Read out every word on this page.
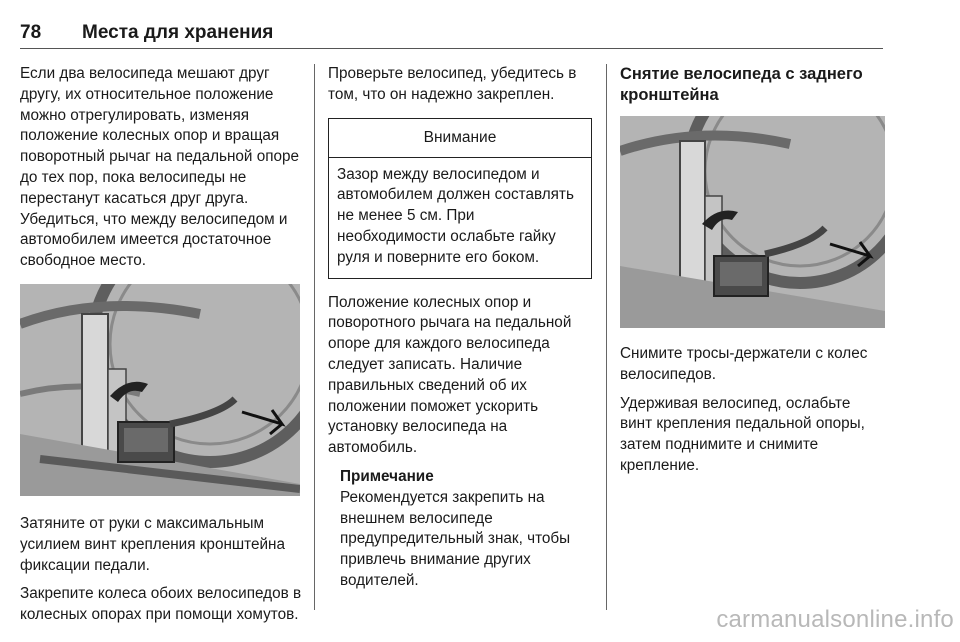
78 Места для хранения

Если два велосипеда мешают друг другу, их относительное положение можно отрегулировать, изменяя положение колесных опор и вращая поворотный рычаг на педальной опоре до тех пор, пока велосипеды не перестанут касаться друг друга. Убедиться, что между велосипедом и автомобилем имеется достаточное свободное место.

Затяните от руки с максимальным усилием винт крепления кронштейна фиксации педали.

Закрепите колеса обоих велосипедов в колесных опорах при помощи хомутов.

Проверьте велосипед, убедитесь в том, что он надежно закреплен.

Внимание
Зазор между велосипедом и автомобилем должен составлять не менее 5 см. При необходимости ослабьте гайку руля и поверните его боком.

Положение колесных опор и поворотного рычага на педальной опоре для каждого велосипеда следует записать. Наличие правильных сведений об их положении поможет ускорить установку велосипеда на автомобиль.

Примечание
Рекомендуется закрепить на внешнем велосипеде предупредительный знак, чтобы привлечь внимание других водителей.

Снятие велосипеда с заднего кронштейна

Снимите тросы-держатели с колес велосипедов.

Удерживая велосипед, ослабьте винт крепления педальной опоры, затем поднимите и снимите крепление.

carmanualsonline.info
